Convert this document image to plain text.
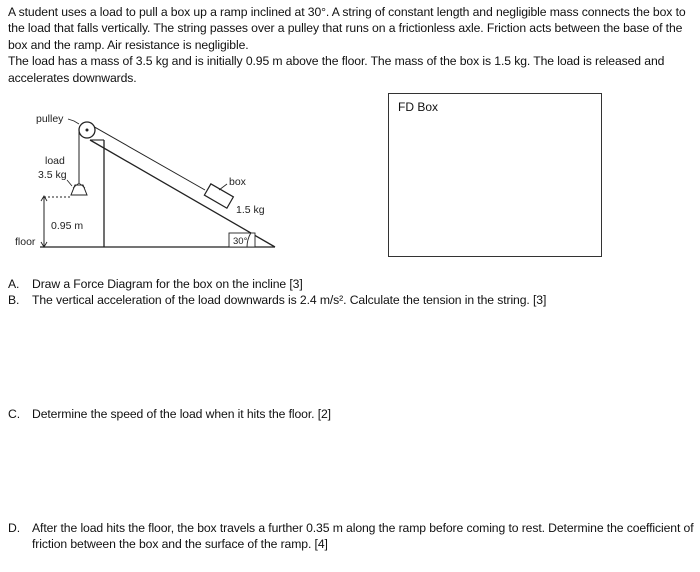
A student uses a load to pull a box up a ramp inclined at 30°. A string of constant length and negligible mass connects the box to the load that falls vertically. The string passes over a pulley that runs on a frictionless axle. Friction acts between the base of the box and the ramp. Air resistance is negligible.

The load has a mass of 3.5 kg and is initially 0.95 m above the floor. The mass of the box is 1.5 kg. The load is released and accelerates downwards.

pulley
load
3.5 kg
0.95 m
floor
box
1.5 kg
30°
FD Box
A.	Draw a Force Diagram for the box on the incline [3]
B.	The vertical acceleration of the load downwards is 2.4 m/s². Calculate the tension in the string. [3]
C. Determine the speed of the load when it hits the floor. [2]
D. After the load hits the floor, the box travels a further 0.35 m along the ramp before coming to rest. Determine the coefficient of friction between the box and the surface of the ramp. [4]
